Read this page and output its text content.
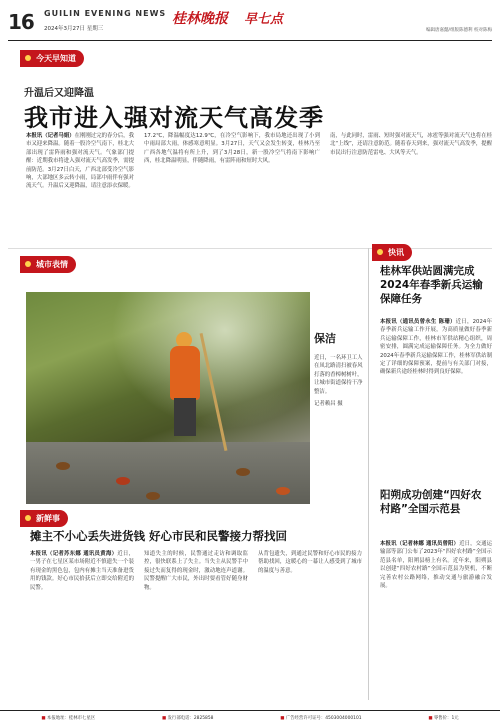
16 GUILIN EVENING NEWS
2024年3月27日 星期三
桂林晚报 早七点
编辑唐嘉懿/组版陈德利 校对陈梅
今天早知道
升温后又迎降温
我市进入强对流天气高发季
本报讯（记者马娟）在刚刚过完的春分后，我市又迎来降温。随着一股冷空气南下，桂北大部出现了雷阵雨和强对流天气。气象部门提醒：近期我市将进入强对流天气高发季，需提前防范。3月27日白天，广西北部受冷空气影响，大部地区多云转小雨，局部中雨伴有强对流天气。升温后又迎降温，请注意添衣保暖。
17.2℃，降温幅度达12.9℃，在冷空气影响下，我市局地还出现了小到中雨局部大雨，体感寒意明显。3月27日，天气又会发生转变，桂林乃至广西各地气温将有所上升，到了3月28日，新一股冷空气将南下影响广西，桂北降温明显，伴随降雨，有雷阵雨和短时大风。
南，与此同时，雷雨、短时强对流天气，冰雹等强对流天气也将在桂北“上线”，还请注意防范。随着春天到来，强对流天气高发季，提醒市民出行注意防范雷电、大风等天气。
城市表情
保洁
近日，一名环卫工人在凤北路清扫被春风打落的香樟树树叶，让城市街道保持干净整洁。
记者赖昌 摄
快讯
桂林军供站圆满完成2024年春季新兵运输保障任务
本报讯（通讯员曾永生 陈珊）近日，2024年春季新兵运输工作开展，为高质量做好春季新兵运输保障工作，桂林市军供站精心组织，周密安排，圆满完成运输保障任务。为全力做好2024年春季新兵运输保障工作，桂林军供站制定了详细的保障预案，提前与有关部门对接，确保新兵途经桂林时得到良好保障。
阳朔成功创建“四好农村路”全国示范县
本报讯（记者林娜 通讯员曾阳）近日，交通运输部等部门公布了2023年“四好农村路”全国示范县名单，阳朔县榜上有名。近年来，阳朔县以创建“四好农村路”全国示范县为契机，不断完善农村公路网络，推动交通与旅游融合发展。
新鲜事
摊主不小心丢失进货钱 好心市民和民警接力帮找回
本报讯（记者苏东娜 通讯员黄海）近日，一男子在七星区某市场附近不慎遗失一个装有现金的黑色包，包内有摊主当天准备进货用的钱款。好心市民拾获后立即交给附近的民警。
知道失主的时候，民警通过走访和调取监控，很快联系上了失主。当失主从民警手中接过失而复得的现金时，激动地连声道谢。民警提醒广大市民，外出时要看管好随身财物。
从背包遗失，到通过民警和好心市民的接力帮助找回，这暖心的一幕让人感受到了城市的温度与善意。
■ 本报地址：桂林市七星区	■ 发行部电话：2825858	■ 广告经营许可证号：4503004000101	■ 零售价：1元
